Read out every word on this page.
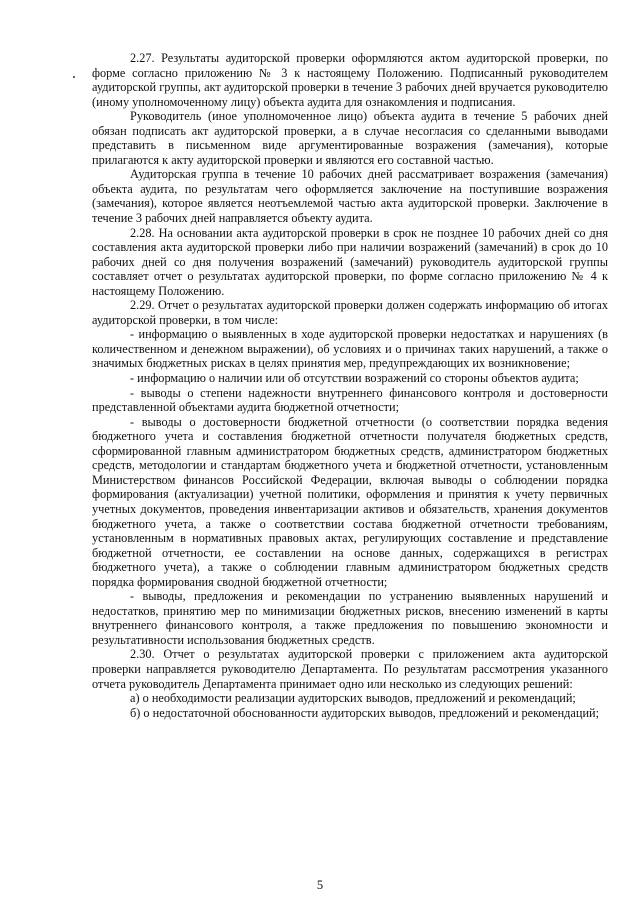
2.27. Результаты аудиторской проверки оформляются актом аудиторской проверки, по форме согласно приложению № 3 к настоящему Положению. Подписанный руководителем аудиторской группы, акт аудиторской проверки в течение 3 рабочих дней вручается руководителю (иному уполномоченному лицу) объекта аудита для ознакомления и подписания.

Руководитель (иное уполномоченное лицо) объекта аудита в течение 5 рабочих дней обязан подписать акт аудиторской проверки, а в случае несогласия со сделанными выводами представить в письменном виде аргументированные возражения (замечания), которые прилагаются к акту аудиторской проверки и являются его составной частью.

Аудиторская группа в течение 10 рабочих дней рассматривает возражения (замечания) объекта аудита, по результатам чего оформляется заключение на поступившие возражения (замечания), которое является неотъемлемой частью акта аудиторской проверки. Заключение в течение 3 рабочих дней направляется объекту аудита.

2.28. На основании акта аудиторской проверки в срок не позднее 10 рабочих дней со дня составления акта аудиторской проверки либо при наличии возражений (замечаний) в срок до 10 рабочих дней со дня получения возражений (замечаний) руководитель аудиторской группы составляет отчет о результатах аудиторской проверки, по форме согласно приложению № 4 к настоящему Положению.

2.29. Отчет о результатах аудиторской проверки должен содержать информацию об итогах аудиторской проверки, в том числе:

- информацию о выявленных в ходе аудиторской проверки недостатках и нарушениях (в количественном и денежном выражении), об условиях и о причинах таких нарушений, а также о значимых бюджетных рисках в целях принятия мер, предупреждающих их возникновение;

- информацию о наличии или об отсутствии возражений со стороны объектов аудита;

- выводы о степени надежности внутреннего финансового контроля и достоверности представленной объектами аудита бюджетной отчетности;

- выводы о достоверности бюджетной отчетности (о соответствии порядка ведения бюджетного учета и составления бюджетной отчетности получателя бюджетных средств, сформированной главным администратором бюджетных средств, администратором бюджетных средств, методологии и стандартам бюджетного учета и бюджетной отчетности, установленным Министерством финансов Российской Федерации, включая выводы о соблюдении порядка формирования (актуализации) учетной политики, оформления и принятия к учету первичных учетных документов, проведения инвентаризации активов и обязательств, хранения документов бюджетного учета, а также о соответствии состава бюджетной отчетности требованиям, установленным в нормативных правовых актах, регулирующих составление и представление бюджетной отчетности, ее составлении на основе данных, содержащихся в регистрах бюджетного учета), а также о соблюдении главным администратором бюджетных средств порядка формирования сводной бюджетной отчетности;

- выводы, предложения и рекомендации по устранению выявленных нарушений и недостатков, принятию мер по минимизации бюджетных рисков, внесению изменений в карты внутреннего финансового контроля, а также предложения по повышению экономности и результативности использования бюджетных средств.

2.30. Отчет о результатах аудиторской проверки с приложением акта аудиторской проверки направляется руководителю Департамента. По результатам рассмотрения указанного отчета руководитель Департамента принимает одно или несколько из следующих решений:

а) о необходимости реализации аудиторских выводов, предложений и рекомендаций;

б) о недостаточной обоснованности аудиторских выводов, предложений и рекомендаций;

5
